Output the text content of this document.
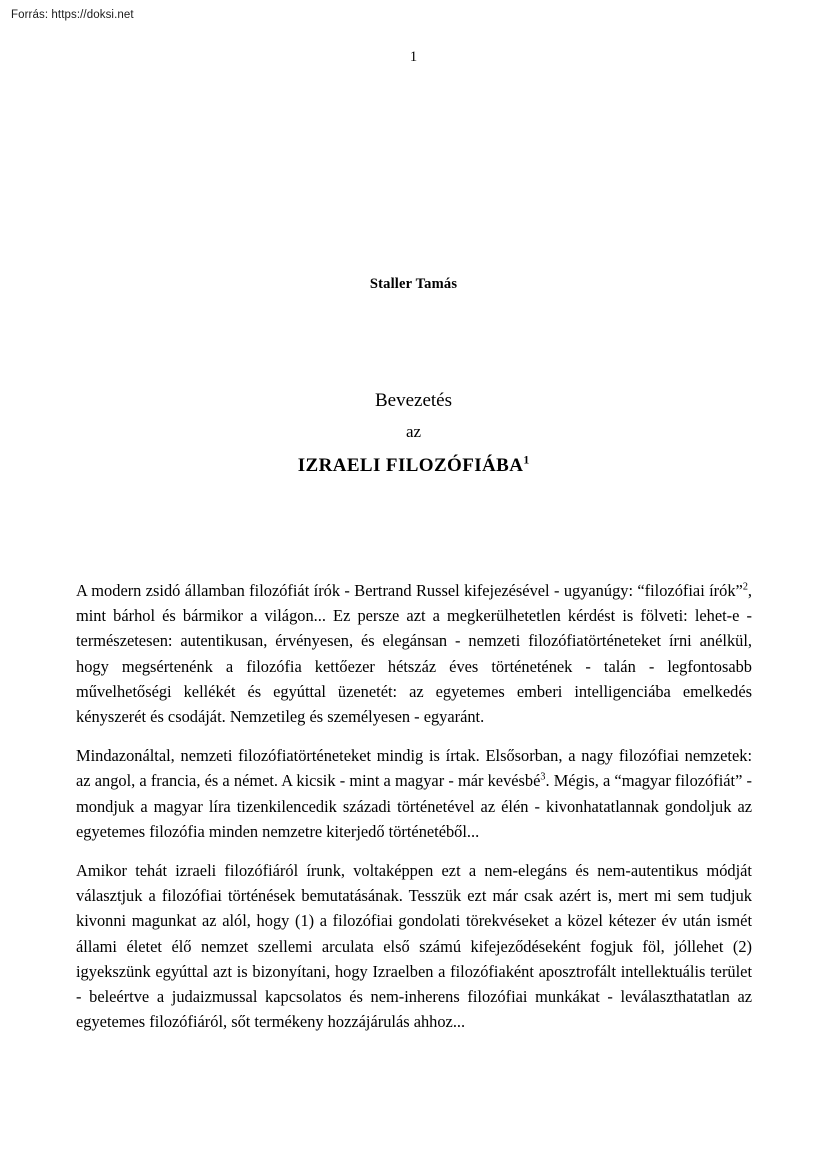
Forrás: https://doksi.net
1
Staller Tamás
Bevezetés
az
IZRAELI FILOZÓFIÁBA$^1$

A modern zsidó államban filozófiát írók - Bertrand Russel kifejezésével - ugyanúgy: “filozófiai írók”$^2$, mint bárhol és bármikor a világon... Ez persze azt a megkerülhetetlen kérdést is fölveti: lehet-e - természetesen: autentikusan, érvényesen, és elegánsan - nemzeti filozófiatörténeteket írni anélkül, hogy megsértenénk a filozófia kettőezer hétszáz éves történetének - talán - legfontosabb művelhetőségi kellékét és egyúttal üzenetét: az egyetemes emberi intelligenciába emelkedés kényszerét és csodáját. Nemzetileg és személyesen - egyaránt.

Mindazonáltal, nemzeti filozófiatörténeteket mindig is írtak. Elsősorban, a nagy filozófiai nemzetek: az angol, a francia, és a német. A kicsik - mint a magyar - már kevésbé$^3$. Mégis, a “magyar filozófiát” - mondjuk a magyar líra tizenkilencedik századi történetével az élén - kivonhatatlannak gondoljuk az egyetemes filozófia minden nemzetre kiterjedő történetéből...

Amikor tehát izraeli filozófiáról írunk, voltaképpen ezt a nem-elegáns és nem-autentikus módját választjuk a filozófiai történések bemutatásának. Tesszük ezt már csak azért is, mert mi sem tudjuk kivonni magunkat az alól, hogy (1) a filozófiai gondolati törekvéseket a közel kétezer év után ismét állami életet élő nemzet szellemi arculata első számú kifejeződéseként fogjuk föl, jóllehet (2) igyekszünk egyúttal azt is bizonyítani, hogy Izraelben a filozófiaként aposztrofált intellektuális terület - beleértve a judaizmussal kapcsolatos és nem-inherens filozófiai munkákat - leválaszthatatlan az egyetemes filozófiáról, sőt termékeny hozzájárulás ahhoz...
